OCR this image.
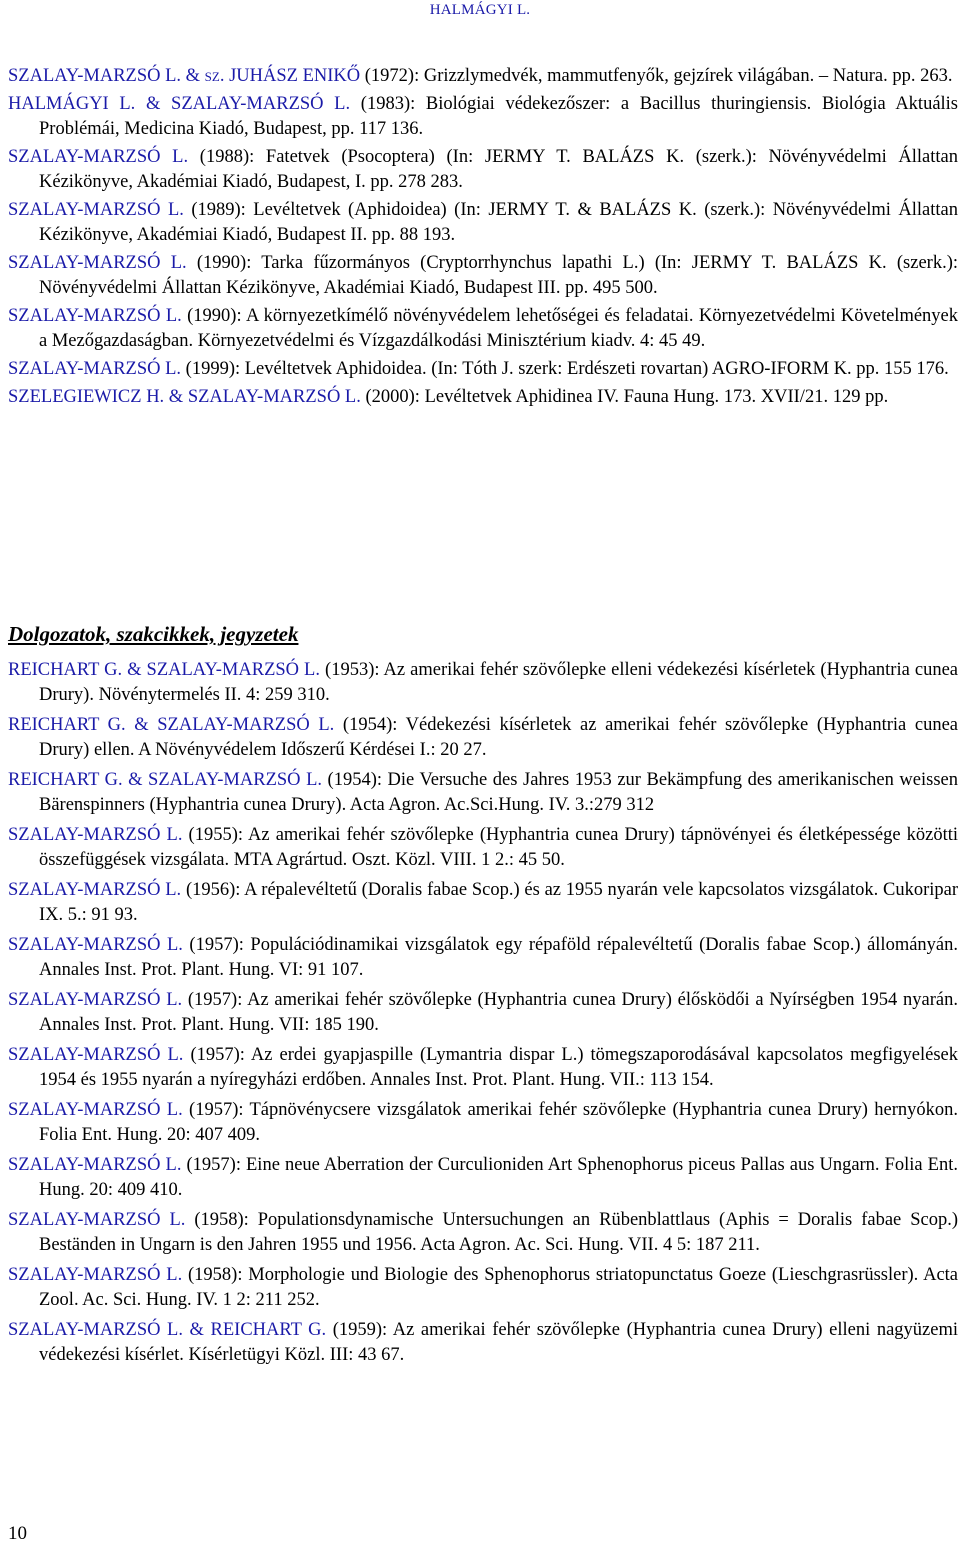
HALMÁGYI L.

SZALAY-MARZSÓ L. & sz. JUHÁSZ ENIKŐ (1972): Grizzlymedvék, mammutfenyők, gejzírek világában. – Natura. pp. 263.

HALMÁGYI L. & SZALAY-MARZSÓ L. (1983): Biológiai védekezőszer: a Bacillus thuringiensis. Biológia Aktuális Problémái, Medicina Kiadó, Budapest, pp. 117 136.

SZALAY-MARZSÓ L. (1988): Fatetvek (Psocoptera) (In: JERMY T. BALÁZS K. (szerk.): Növényvédelmi Állattan Kézikönyve, Akadémiai Kiadó, Budapest, I. pp. 278 283.

SZALAY-MARZSÓ L. (1989): Levéltetvek (Aphidoidea) (In: JERMY T. & BALÁZS K. (szerk.): Növényvédelmi Állattan Kézikönyve, Akadémiai Kiadó, Budapest II. pp. 88 193.

SZALAY-MARZSÓ L. (1990): Tarka fűzormányos (Cryptorrhynchus lapathi L.) (In: JERMY T. BALÁZS K. (szerk.): Növényvédelmi Állattan Kézikönyve, Akadémiai Kiadó, Budapest III. pp. 495 500.

SZALAY-MARZSÓ L. (1990): A környezetkímélő növényvédelem lehetőségei és feladatai. Környezetvédelmi Követelmények a Mezőgazdaságban. Környezetvédelmi és Vízgazdálkodási Minisztérium kiadv. 4: 45 49.

SZALAY-MARZSÓ L. (1999): Levéltetvek Aphidoidea. (In: Tóth J. szerk: Erdészeti rovartan) AGRO-IFORM K. pp. 155 176.

SZELEGIEWICZ H. & SZALAY-MARZSÓ L. (2000): Levéltetvek Aphidinea IV. Fauna Hung. 173. XVII/21. 129 pp.

Dolgozatok, szakcikkek, jegyzetek

REICHART G. & SZALAY-MARZSÓ L. (1953): Az amerikai fehér szövőlepke elleni védekezési kísérletek (Hyphantria cunea Drury). Növénytermelés II. 4: 259 310.

REICHART G. & SZALAY-MARZSÓ L. (1954): Védekezési kísérletek az amerikai fehér szövőlepke (Hyphantria cunea Drury) ellen. A Növényvédelem Időszerű Kérdései I.: 20 27.

REICHART G. & SZALAY-MARZSÓ L. (1954): Die Versuche des Jahres 1953 zur Bekämpfung des amerikanischen weissen Bärenspinners (Hyphantria cunea Drury). Acta Agron. Ac.Sci.Hung. IV. 3.:279 312

SZALAY-MARZSÓ L. (1955): Az amerikai fehér szövőlepke (Hyphantria cunea Drury) tápnövényei és életképessége közötti összefüggések vizsgálata. MTA Agrártud. Oszt. Közl. VIII. 1 2.: 45 50.

SZALAY-MARZSÓ L. (1956): A répalevéltetű (Doralis fabae Scop.) és az 1955 nyarán vele kapcsolatos vizsgálatok. Cukoripar IX. 5.: 91 93.

SZALAY-MARZSÓ L. (1957): Populációdinamikai vizsgálatok egy répaföld répalevéltetű (Doralis fabae Scop.) állományán. Annales Inst. Prot. Plant. Hung. VI: 91 107.

SZALAY-MARZSÓ L. (1957): Az amerikai fehér szövőlepke (Hyphantria cunea Drury) élősködői a Nyírségben 1954 nyarán. Annales Inst. Prot. Plant. Hung. VII: 185 190.

SZALAY-MARZSÓ L. (1957): Az erdei gyapjaspille (Lymantria dispar L.) tömegszaporodásával kapcsolatos megfigyelések 1954 és 1955 nyarán a nyíregyházi erdőben. Annales Inst. Prot. Plant. Hung. VII.: 113 154.

SZALAY-MARZSÓ L. (1957): Tápnövénycsere vizsgálatok amerikai fehér szövőlepke (Hyphantria cunea Drury) hernyókon. Folia Ent. Hung. 20: 407 409.

SZALAY-MARZSÓ L. (1957): Eine neue Aberration der Curculioniden Art Sphenophorus piceus Pallas aus Ungarn. Folia Ent. Hung. 20: 409 410.

SZALAY-MARZSÓ L. (1958): Populationsdynamische Untersuchungen an Rübenblattlaus (Aphis = Doralis fabae Scop.) Beständen in Ungarn is den Jahren 1955 und 1956. Acta Agron. Ac. Sci. Hung. VII. 4 5: 187 211.

SZALAY-MARZSÓ L. (1958): Morphologie und Biologie des Sphenophorus striatopunctatus Goeze (Lieschgrasrüssler). Acta Zool. Ac. Sci. Hung. IV. 1 2: 211 252.

SZALAY-MARZSÓ L. & REICHART G. (1959): Az amerikai fehér szövőlepke (Hyphantria cunea Drury) elleni nagyüzemi védekezési kísérlet. Kísérletügyi Közl. III: 43 67.

10
